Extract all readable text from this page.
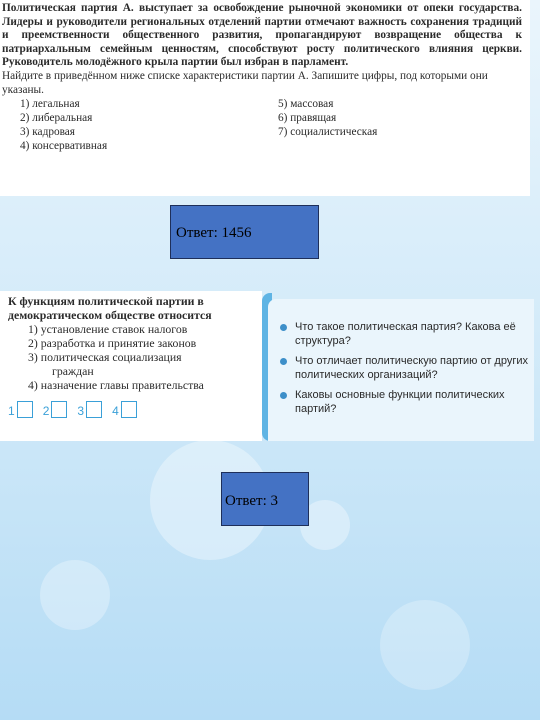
Политическая партия А. выступает за освобождение рыночной экономики от опеки государства. Лидеры и руководители региональных отделений партии отмечают важность сохранения традиций и преемственности общественного развития, пропагандируют возвращение общества к патриархальным семейным ценностям, способствуют росту политического влияния церкви. Руководитель молодёжного крыла партии был избран в парламент.

Найдите в приведённом ниже списке характеристики партии А. Запишите цифры, под которыми они указаны.

1) легальная
2) либеральная
3) кадровая
4) консервативная
5) массовая
6) правящая
7) социалистическая
Ответ: 1456

К функциям политической партии в демократическом обществе относится

1) установление ставок налогов
2) разработка и принятие законов
3) политическая социализация
граждан
4) назначение главы правительства
1 2 3 4
Что такое политическая партия? Какова её структура?
Что отличает политическую партию от других политических организаций?
Каковы основные функции политических партий?
Ответ: 3
